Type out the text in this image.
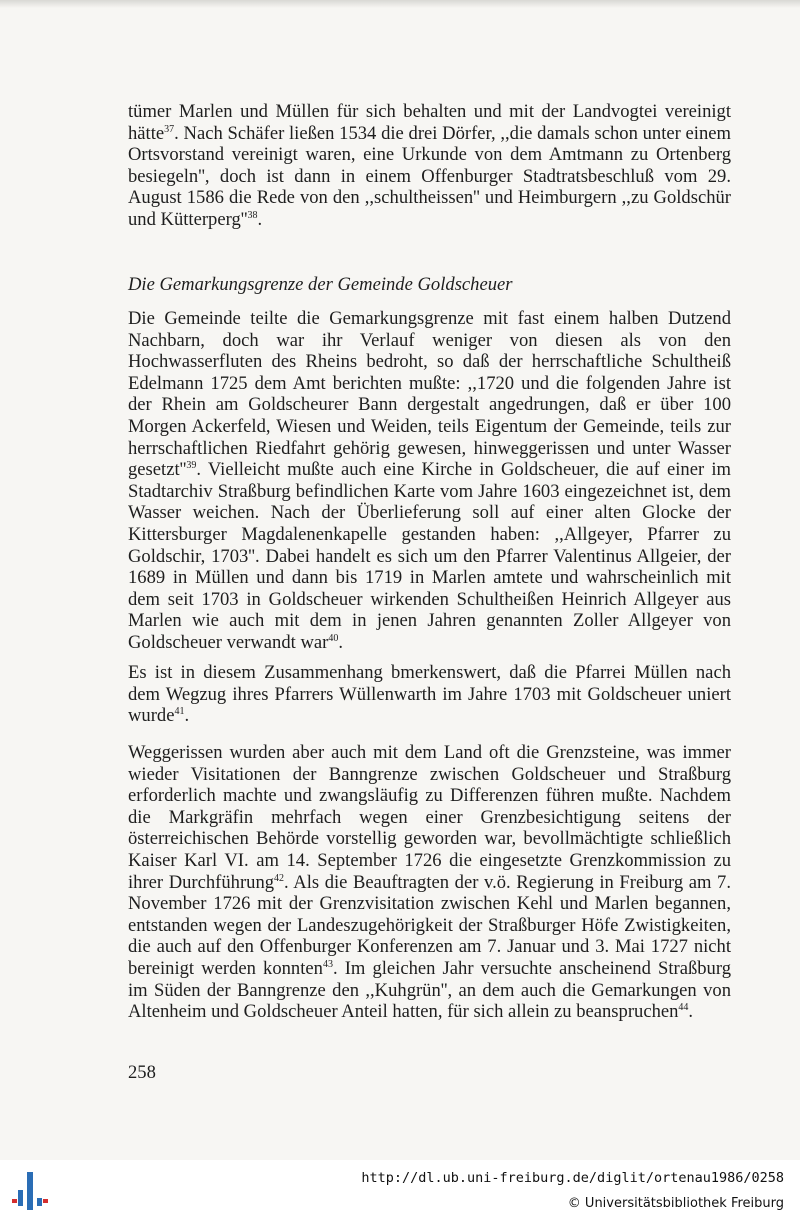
tümer Marlen und Müllen für sich behalten und mit der Landvogtei vereinigt hätte$^{37}$. Nach Schäfer ließen 1534 die drei Dörfer, ,,die damals schon unter einem Ortsvorstand vereinigt waren, eine Urkunde von dem Amtmann zu Ortenberg besiegeln'', doch ist dann in einem Offenburger Stadtratsbeschluß vom 29. August 1586 die Rede von den ,,schultheissen'' und Heimburgern ,,zu Goldschür und $Kütterperg''^{38}$.

Die Gemarkungsgrenze der Gemeinde Goldscheuer

Die Gemeinde teilte die Gemarkungsgrenze mit fast einem halben Dutzend Nachbarn, doch war ihr Verlauf weniger von diesen als von den Hochwasserfluten des Rheins bedroht, so daß der herrschaftliche Schultheiß Edelmann 1725 dem Amt berichten mußte: ,,1720 und die folgenden Jahre ist der Rhein am Goldscheurer Bann dergestalt angedrungen, daß er über 100 Morgen Ackerfeld, Wiesen und Weiden, teils Eigentum der Gemeinde, teils zur herrschaftlichen Riedfahrt gehörig gewesen, hinweggerissen und unter Wasser $gesetzt''^{39}$. Vielleicht mußte auch eine Kirche in Goldscheuer, die auf einer im Stadtarchiv Straßburg befindlichen Karte vom Jahre 1603 eingezeichnet ist, dem Wasser weichen. Nach der Überlieferung soll auf einer alten Glocke der Kittersburger Magdalenenkapelle gestanden haben: ,,Allgeyer, Pfarrer zu Goldschir, 1703''. Dabei handelt es sich um den Pfarrer Valentinus Allgeier, der 1689 in Müllen und dann bis 1719 in Marlen amtete und wahrscheinlich mit dem seit 1703 in Goldscheuer wirkenden Schultheißen Heinrich Allgeyer aus Marlen wie auch mit dem in jenen Jahren genannten Zoller Allgeyer von Goldscheuer verwandt war$^{40}$.

Es ist in diesem Zusammenhang bmerkenswert, daß die Pfarrei Müllen nach dem Wegzug ihres Pfarrers Wüllenwarth im Jahre 1703 mit Goldscheuer uniert wurde$^{41}$.

Weggerissen wurden aber auch mit dem Land oft die Grenzsteine, was immer wieder Visitationen der Banngrenze zwischen Goldscheuer und Straßburg erforderlich machte und zwangsläufig zu Differenzen führen mußte. Nachdem die Markgräfin mehrfach wegen einer Grenzbesichtigung seitens der österreichischen Behörde vorstellig geworden war, bevollmächtigte schließlich Kaiser Karl VI. am 14. September 1726 die eingesetzte Grenzkommission zu ihrer Durchführung$^{42}$. Als die Beauftragten der v.ö. Regierung in Freiburg am 7. November 1726 mit der Grenzvisitation zwischen Kehl und Marlen begannen, entstanden wegen der Landeszugehörigkeit der Straßburger Höfe Zwistigkeiten, die auch auf den Offenburger Konferenzen am 7. Januar und 3. Mai 1727 nicht bereinigt werden konnten$^{43}$. Im gleichen Jahr versuchte anscheinend Straßburg im Süden der Banngrenze den ,,Kuhgrün'', an dem auch die Gemarkungen von Altenheim und Goldscheuer Anteil hatten, für sich allein zu beanspruchen$^{44}$.

258
http://dl.ub.uni-freiburg.de/diglit/ortenau1986/0258
© Universitätsbibliothek Freiburg
